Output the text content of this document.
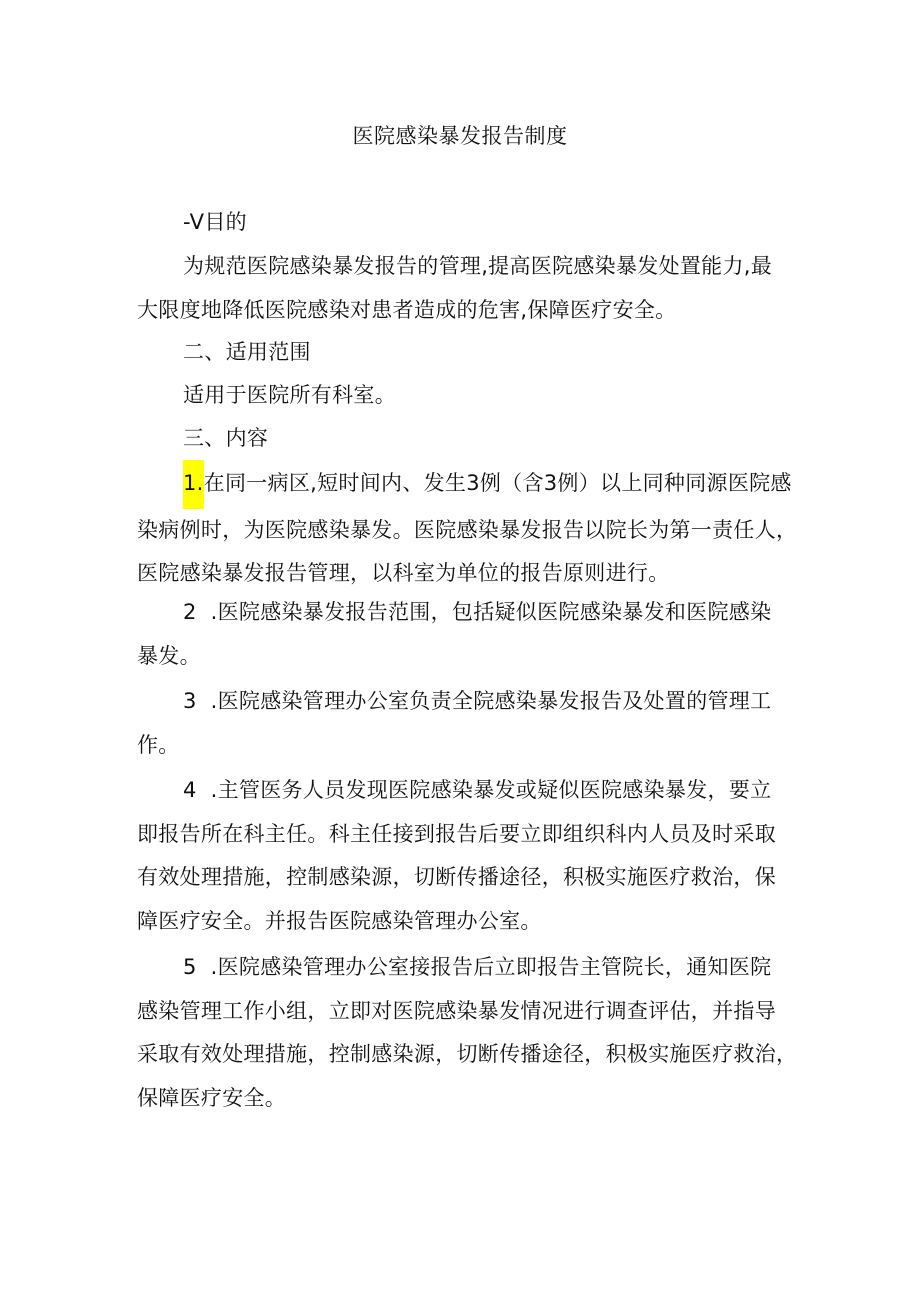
医院感染暴发报告制度

-V目的

为规范医院感染暴发报告的管理,提高医院感染暴发处置能力,最
大限度地降低医院感染对患者造成的危害,保障医疗安全。

二、适用范围

适用于医院所有科室。

三、内容

1.在同一病区,短时间内、发生3例（含3例）以上同种同源医院感
染病例时，为医院感染暴发。医院感染暴发报告以院长为第一责任人，
医院感染暴发报告管理，以科室为单位的报告原则进行。

2 .医院感染暴发报告范围，包括疑似医院感染暴发和医院感染
暴发。

3 .医院感染管理办公室负责全院感染暴发报告及处置的管理工
作。

4 .主管医务人员发现医院感染暴发或疑似医院感染暴发，要立
即报告所在科主任。科主任接到报告后要立即组织科内人员及时采取
有效处理措施，控制感染源，切断传播途径，积极实施医疗救治，保
障医疗安全。并报告医院感染管理办公室。

5 .医院感染管理办公室接报告后立即报告主管院长，通知医院
感染管理工作小组，立即对医院感染暴发情况进行调查评估，并指导
采取有效处理措施，控制感染源，切断传播途径，积极实施医疗救治，
保障医疗安全。
